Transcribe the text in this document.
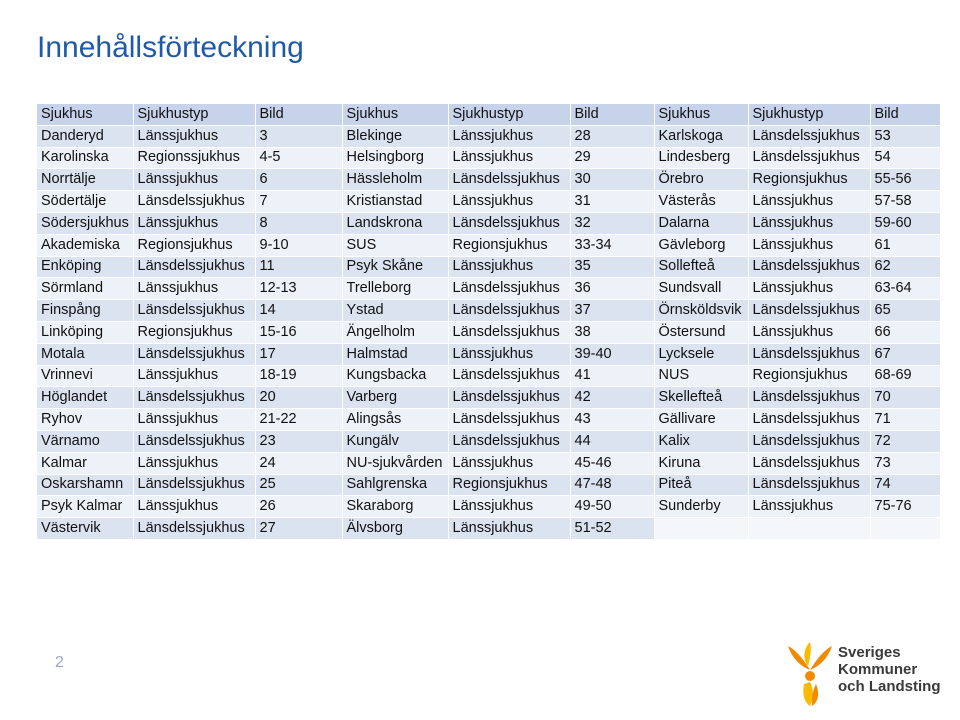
Innehållsförteckning
Sjukhus	Sjukhustyp	Bild	Sjukhus	Sjukhustyp	Bild	Sjukhus	Sjukhustyp	Bild
Danderyd	Länssjukhus	3	Blekinge	Länssjukhus	28	Karlskoga	Länsdelssjukhus	53
Karolinska	Regionssjukhus	4-5	Helsingborg	Länssjukhus	29	Lindesberg	Länsdelssjukhus	54
Norrtälje	Länssjukhus	6	Hässleholm	Länsdelssjukhus	30	Örebro	Regionsjukhus	55-56
Södertälje	Länsdelssjukhus	7	Kristianstad	Länssjukhus	31	Västerås	Länssjukhus	57-58
Södersjukhus	Länssjukhus	8	Landskrona	Länsdelssjukhus	32	Dalarna	Länssjukhus	59-60
Akademiska	Regionsjukhus	9-10	SUS	Regionsjukhus	33-34	Gävleborg	Länssjukhus	61
Enköping	Länsdelssjukhus	11	Psyk Skåne	Länssjukhus	35	Sollefteå	Länsdelssjukhus	62
Sörmland	Länssjukhus	12-13	Trelleborg	Länsdelssjukhus	36	Sundsvall	Länssjukhus	63-64
Finspång	Länsdelssjukhus	14	Ystad	Länsdelssjukhus	37	Örnsköldsvik	Länsdelssjukhus	65
Linköping	Regionsjukhus	15-16	Ängelholm	Länsdelssjukhus	38	Östersund	Länssjukhus	66
Motala	Länsdelssjukhus	17	Halmstad	Länssjukhus	39-40	Lycksele	Länsdelssjukhus	67
Vrinnevi	Länssjukhus	18-19	Kungsbacka	Länsdelssjukhus	41	NUS	Regionsjukhus	68-69
Höglandet	Länsdelssjukhus	20	Varberg	Länsdelssjukhus	42	Skellefteå	Länsdelssjukhus	70
Ryhov	Länssjukhus	21-22	Alingsås	Länsdelssjukhus	43	Gällivare	Länsdelssjukhus	71
Värnamo	Länsdelssjukhus	23	Kungälv	Länsdelssjukhus	44	Kalix	Länsdelssjukhus	72
Kalmar	Länssjukhus	24	NU-sjukvården	Länssjukhus	45-46	Kiruna	Länsdelssjukhus	73
Oskarshamn	Länsdelssjukhus	25	Sahlgrenska	Regionsjukhus	47-48	Piteå	Länsdelssjukhus	74
Psyk Kalmar	Länssjukhus	26	Skaraborg	Länssjukhus	49-50	Sunderby	Länssjukhus	75-76
Västervik	Länsdelssjukhus	27	Älvsborg	Länssjukhus	51-52			
2
Sveriges
Kommuner
och Landsting
